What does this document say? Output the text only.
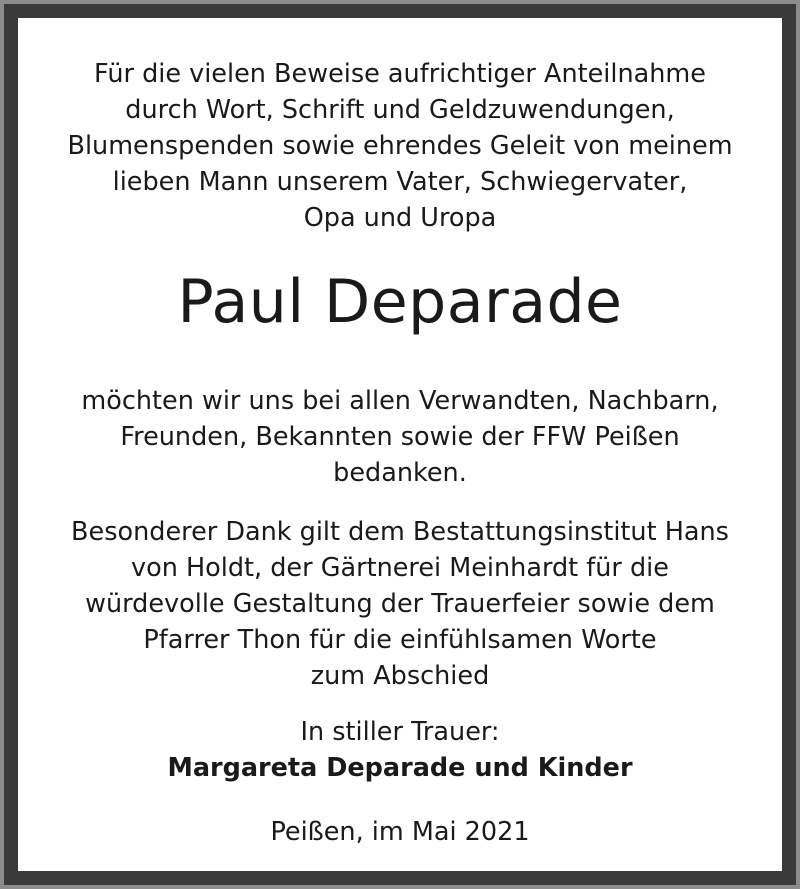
Für die vielen Beweise aufrichtiger Anteilnahme
durch Wort, Schrift und Geldzuwendungen,
Blumenspenden sowie ehrendes Geleit von meinem
lieben Mann unserem Vater, Schwiegervater,
Opa und Uropa

Paul Deparade

möchten wir uns bei allen Verwandten, Nachbarn,
Freunden, Bekannten sowie der FFW Peißen
bedanken.

Besonderer Dank gilt dem Bestattungsinstitut Hans
von Holdt, der Gärtnerei Meinhardt für die
würdevolle Gestaltung der Trauerfeier sowie dem
Pfarrer Thon für die einfühlsamen Worte
zum Abschied

In stiller Trauer:

Margareta Deparade und Kinder

Peißen, im Mai 2021
